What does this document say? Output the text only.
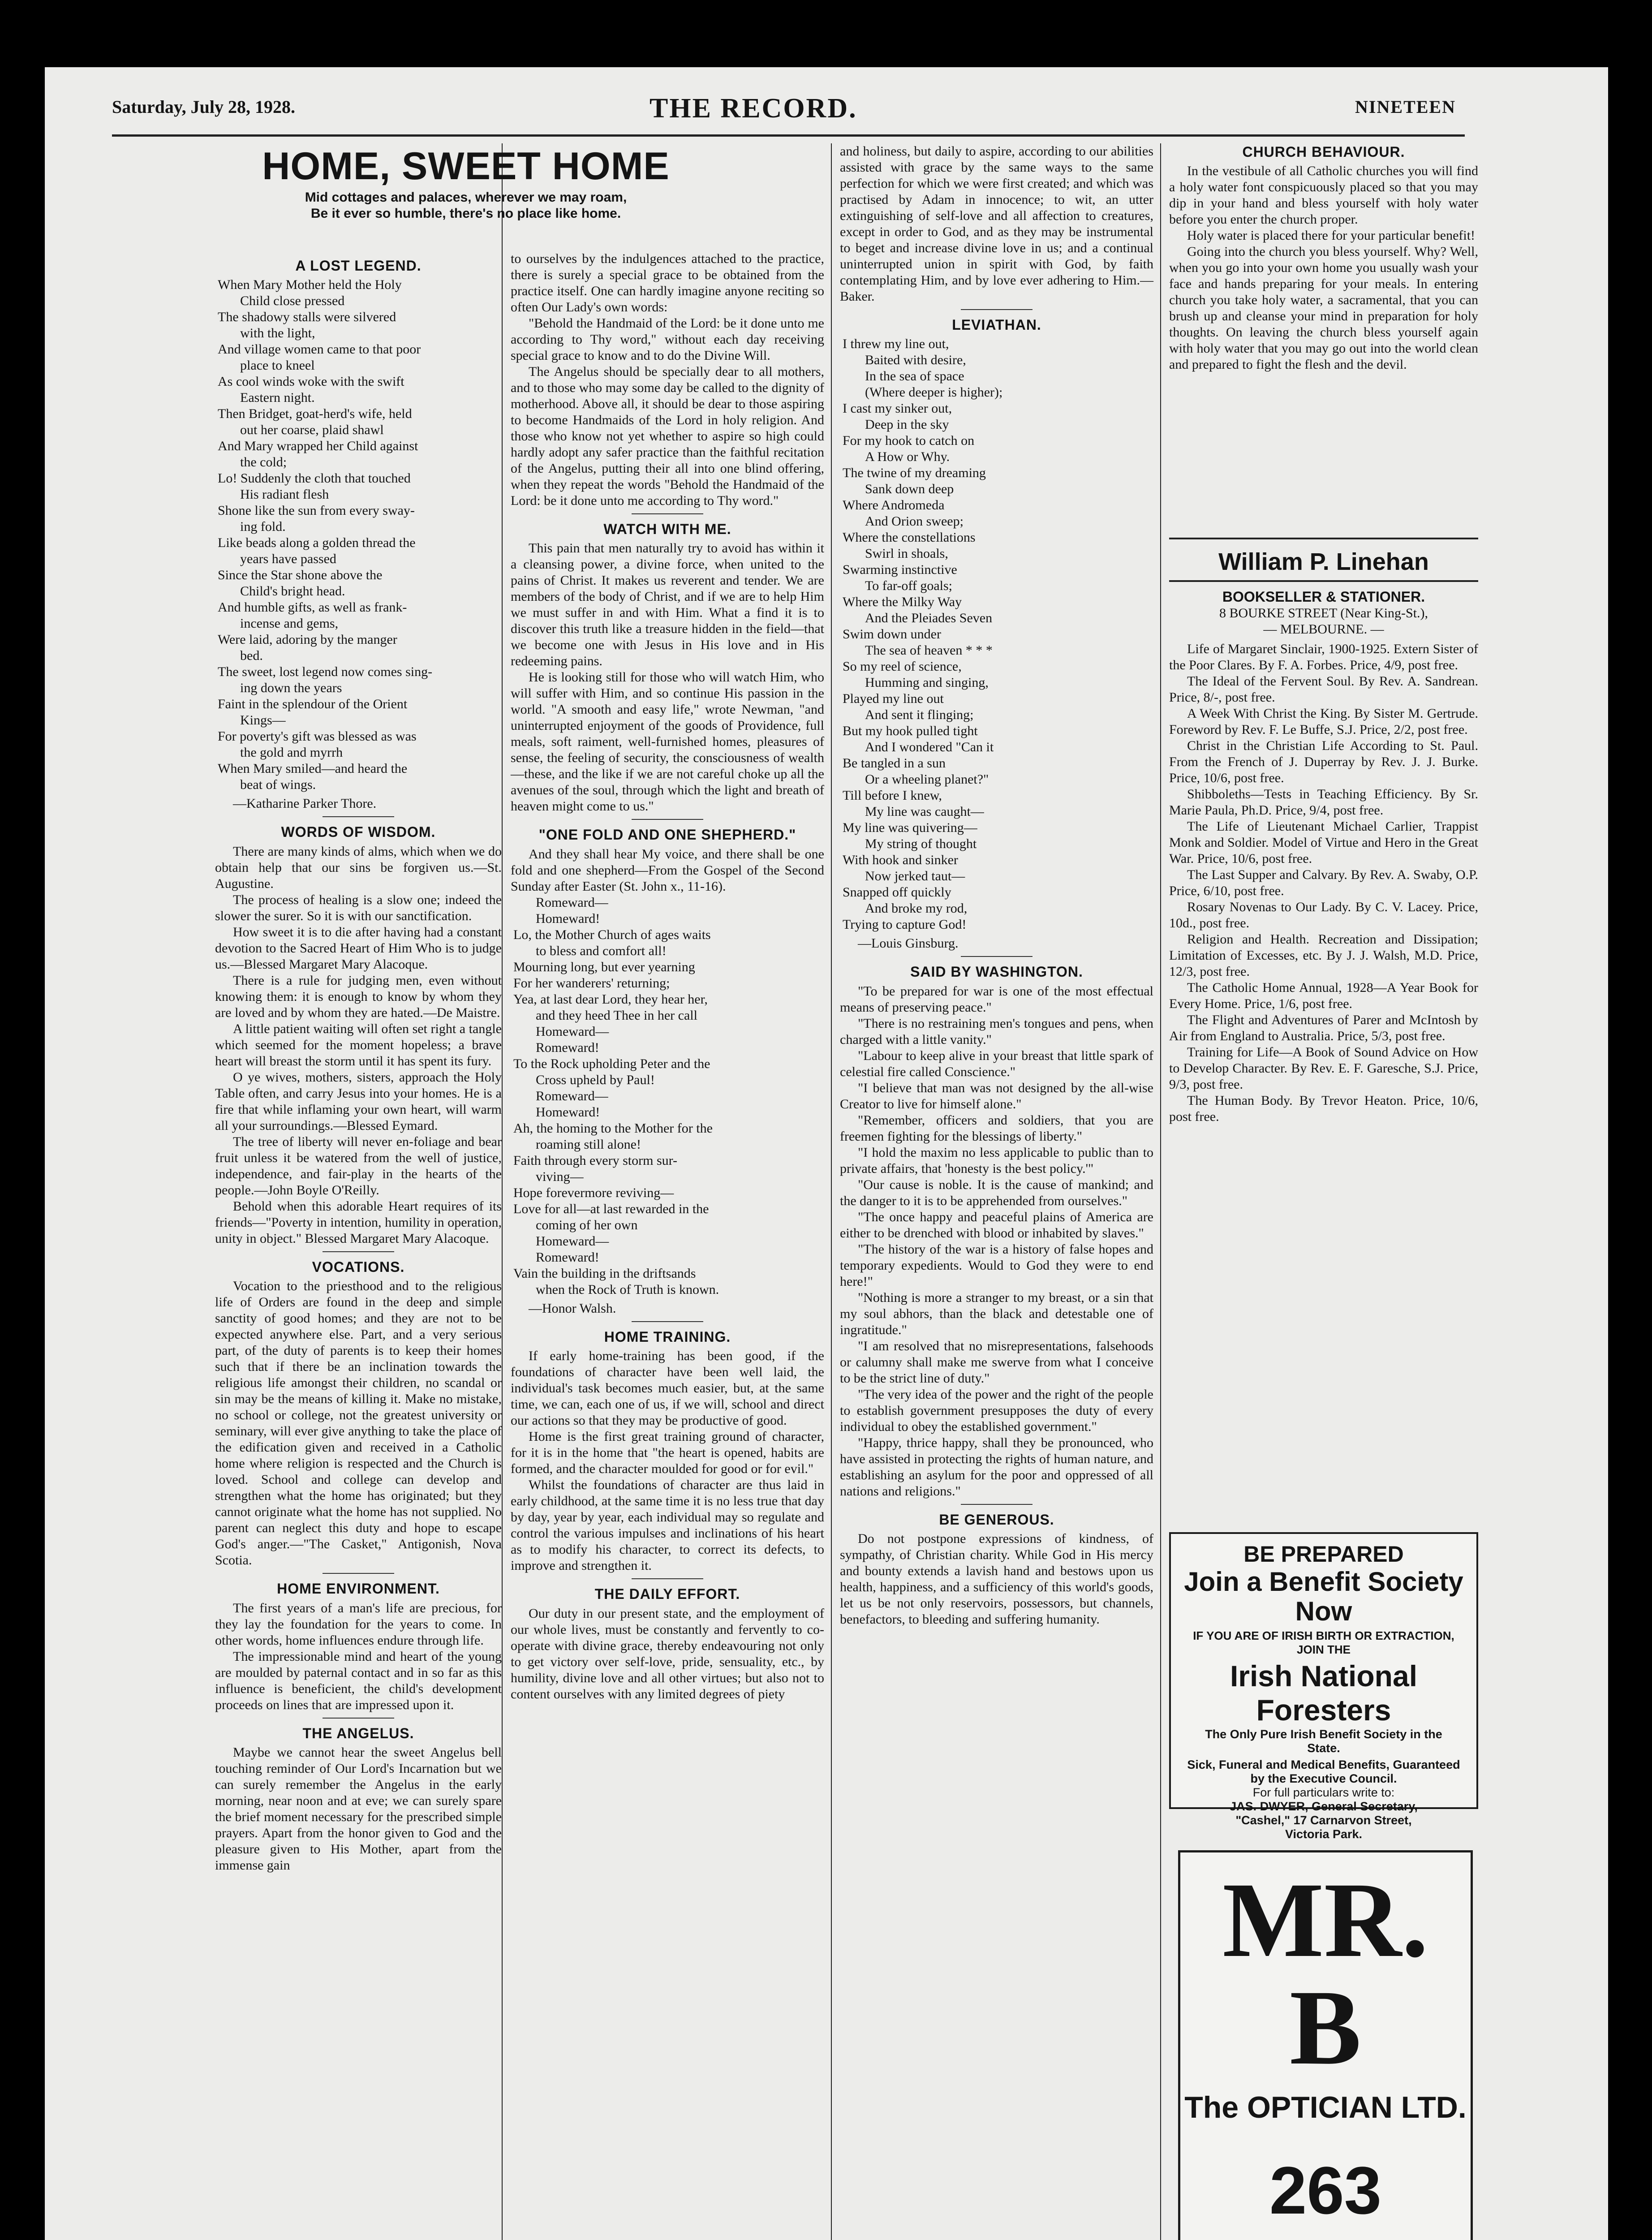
Saturday, July 28, 1928.	THE RECORD.	NINETEEN
HOME, SWEET HOME
Mid cottages and palaces, wherever we may roam,
Be it ever so humble, there's no place like home.
A LOST LEGEND.
When Mary Mother held the Holy
Child close pressed
The shadowy stalls were silvered
with the light,
And village women came to that poor
place to kneel
As cool winds woke with the swift
Eastern night.
Then Bridget, goat-herd's wife, held
out her coarse, plaid shawl
And Mary wrapped her Child against
the cold;
Lo! Suddenly the cloth that touched
His radiant flesh
Shone like the sun from every sway-
ing fold.
Like beads along a golden thread the
years have passed
Since the Star shone above the
Child's bright head.
And humble gifts, as well as frank-
incense and gems,
Were laid, adoring by the manger
bed.
The sweet, lost legend now comes sing-
ing down the years
Faint in the splendour of the Orient
Kings—
For poverty's gift was blessed as was
the gold and myrrh
When Mary smiled—and heard the
beat of wings.

—Katharine Parker Thore.

WORDS OF WISDOM.

There are many kinds of alms, which when we do obtain help that our sins be forgiven us.—St. Augustine.

The process of healing is a slow one; indeed the slower the surer. So it is with our sanctification.

How sweet it is to die after having had a constant devotion to the Sacred Heart of Him Who is to judge us.—Blessed Margaret Mary Alacoque.

There is a rule for judging men, even without knowing them: it is enough to know by whom they are loved and by whom they are hated.—De Maistre.

A little patient waiting will often set right a tangle which seemed for the moment hopeless; a brave heart will breast the storm until it has spent its fury.

O ye wives, mothers, sisters, approach the Holy Table often, and carry Jesus into your homes. He is a fire that while inflaming your own heart, will warm all your surroundings.—Blessed Eymard.

The tree of liberty will never en-foliage and bear fruit unless it be watered from the well of justice, independence, and fair-play in the hearts of the people.—John Boyle O'Reilly.

Behold when this adorable Heart requires of its friends—"Poverty in intention, humility in operation, unity in object." Blessed Margaret Mary Alacoque.

VOCATIONS.

Vocation to the priesthood and to the religious life of Orders are found in the deep and simple sanctity of good homes; and they are not to be expected anywhere else. Part, and a very serious part, of the duty of parents is to keep their homes such that if there be an inclination towards the religious life amongst their children, no scandal or sin may be the means of killing it. Make no mistake, no school or college, not the greatest university or seminary, will ever give anything to take the place of the edification given and received in a Catholic home where religion is respected and the Church is loved. School and college can develop and strengthen what the home has originated; but they cannot originate what the home has not supplied. No parent can neglect this duty and hope to escape God's anger.—"The Casket," Antigonish, Nova Scotia.

HOME ENVIRONMENT.

The first years of a man's life are precious, for they lay the foundation for the years to come. In other words, home influences endure through life.

The impressionable mind and heart of the young are moulded by paternal contact and in so far as this influence is beneficient, the child's development proceeds on lines that are impressed upon it.

THE ANGELUS.

Maybe we cannot hear the sweet Angelus bell touching reminder of Our Lord's Incarnation but we can surely remember the Angelus in the early morning, near noon and at eve; we can surely spare the brief moment necessary for the prescribed simple prayers. Apart from the honor given to God and the pleasure given to His Mother, apart from the immense gain

to ourselves by the indulgences attached to the practice, there is surely a special grace to be obtained from the practice itself. One can hardly imagine anyone reciting so often Our Lady's own words:

"Behold the Handmaid of the Lord: be it done unto me according to Thy word," without each day receiving special grace to know and to do the Divine Will.

The Angelus should be specially dear to all mothers, and to those who may some day be called to the dignity of motherhood. Above all, it should be dear to those aspiring to become Handmaids of the Lord in holy religion. And those who know not yet whether to aspire so high could hardly adopt any safer practice than the faithful recitation of the Angelus, putting their all into one blind offering, when they repeat the words "Behold the Handmaid of the Lord: be it done unto me according to Thy word."

WATCH WITH ME.

This pain that men naturally try to avoid has within it a cleansing power, a divine force, when united to the pains of Christ. It makes us reverent and tender. We are members of the body of Christ, and if we are to help Him we must suffer in and with Him. What a find it is to discover this truth like a treasure hidden in the field—that we become one with Jesus in His love and in His redeeming pains.

He is looking still for those who will watch Him, who will suffer with Him, and so continue His passion in the world. "A smooth and easy life," wrote Newman, "and uninterrupted enjoyment of the goods of Providence, full meals, soft raiment, well-furnished homes, pleasures of sense, the feeling of security, the consciousness of wealth—these, and the like if we are not careful choke up all the avenues of the soul, through which the light and breath of heaven might come to us."

"ONE FOLD AND ONE SHEPHERD."

And they shall hear My voice, and there shall be one fold and one shepherd—From the Gospel of the Second Sunday after Easter (St. John x., 11-16).

Romeward—
Homeward!
Lo, the Mother Church of ages waits
to bless and comfort all!
Mourning long, but ever yearning
For her wanderers' returning;
Yea, at last dear Lord, they hear her,
and they heed Thee in her call
Homeward—
Romeward!
To the Rock upholding Peter and the
Cross upheld by Paul!
Romeward—
Homeward!
Ah, the homing to the Mother for the
roaming still alone!
Faith through every storm sur-
viving—
Hope forevermore reviving—
Love for all—at last rewarded in the
coming of her own
Homeward—
Romeward!
Vain the building in the driftsands
when the Rock of Truth is known.

—Honor Walsh.

HOME TRAINING.

If early home-training has been good, if the foundations of character have been well laid, the individual's task becomes much easier, but, at the same time, we can, each one of us, if we will, school and direct our actions so that they may be productive of good.

Home is the first great training ground of character, for it is in the home that "the heart is opened, habits are formed, and the character moulded for good or for evil."

Whilst the foundations of character are thus laid in early childhood, at the same time it is no less true that day by day, year by year, each individual may so regulate and control the various impulses and inclinations of his heart as to modify his character, to correct its defects, to improve and strengthen it.

THE DAILY EFFORT.

Our duty in our present state, and the employment of our whole lives, must be constantly and fervently to co-operate with divine grace, thereby endeavouring not only to get victory over self-love, pride, sensuality, etc., by humility, divine love and all other virtues; but also not to content ourselves with any limited degrees of piety

and holiness, but daily to aspire, according to our abilities assisted with grace by the same ways to the same perfection for which we were first created; and which was practised by Adam in innocence; to wit, an utter extinguishing of self-love and all affection to creatures, except in order to God, and as they may be instrumental to beget and increase divine love in us; and a continual uninterrupted union in spirit with God, by faith contemplating Him, and by love ever adhering to Him.—Baker.

LEVIATHAN.
I threw my line out,
Baited with desire,
In the sea of space
(Where deeper is higher);
I cast my sinker out,
Deep in the sky
For my hook to catch on
A How or Why.
The twine of my dreaming
Sank down deep
Where Andromeda
And Orion sweep;
Where the constellations
Swirl in shoals,
Swarming instinctive
To far-off goals;
Where the Milky Way
And the Pleiades Seven
Swim down under
The sea of heaven * * *
So my reel of science,
Humming and singing,
Played my line out
And sent it flinging;
But my hook pulled tight
And I wondered "Can it
Be tangled in a sun
Or a wheeling planet?"
Till before I knew,
My line was caught—
My line was quivering—
My string of thought
With hook and sinker
Now jerked taut—
Snapped off quickly
And broke my rod,
Trying to capture God!

—Louis Ginsburg.

SAID BY WASHINGTON.

"To be prepared for war is one of the most effectual means of preserving peace."

"There is no restraining men's tongues and pens, when charged with a little vanity."

"Labour to keep alive in your breast that little spark of celestial fire called Conscience."

"I believe that man was not designed by the all-wise Creator to live for himself alone."

"Remember, officers and soldiers, that you are freemen fighting for the blessings of liberty."

"I hold the maxim no less applicable to public than to private affairs, that 'honesty is the best policy.'"

"Our cause is noble. It is the cause of mankind; and the danger to it is to be apprehended from ourselves."

"The once happy and peaceful plains of America are either to be drenched with blood or inhabited by slaves."

"The history of the war is a history of false hopes and temporary expedients. Would to God they were to end here!"

"Nothing is more a stranger to my breast, or a sin that my soul abhors, than the black and detestable one of ingratitude."

"I am resolved that no misrepresentations, falsehoods or calumny shall make me swerve from what I conceive to be the strict line of duty."

"The very idea of the power and the right of the people to establish government presupposes the duty of every individual to obey the established government."

"Happy, thrice happy, shall they be pronounced, who have assisted in protecting the rights of human nature, and establishing an asylum for the poor and oppressed of all nations and religions."

BE GENEROUS.

Do not postpone expressions of kindness, of sympathy, of Christian charity. While God in His mercy and bounty extends a lavish hand and bestows upon us health, happiness, and a sufficiency of this world's goods, let us be not only reservoirs, possessors, but channels, benefactors, to bleeding and suffering humanity.

CHURCH BEHAVIOUR.

In the vestibule of all Catholic churches you will find a holy water font conspicuously placed so that you may dip in your hand and bless yourself with holy water before you enter the church proper.

Holy water is placed there for your particular benefit!

Going into the church you bless yourself. Why? Well, when you go into your own home you usually wash your face and hands preparing for your meals. In entering church you take holy water, a sacramental, that you can brush up and cleanse your mind in preparation for holy thoughts. On leaving the church bless yourself again with holy water that you may go out into the world clean and prepared to fight the flesh and the devil.

William P. Linehan
BOOKSELLER & STATIONER.
8 BOURKE STREET (Near King-St.),
— MELBOURNE. —

Life of Margaret Sinclair, 1900-1925. Extern Sister of the Poor Clares. By F. A. Forbes. Price, 4/9, post free.

The Ideal of the Fervent Soul. By Rev. A. Sandrean. Price, 8/-, post free.

A Week With Christ the King. By Sister M. Gertrude. Foreword by Rev. F. Le Buffe, S.J. Price, 2/2, post free.

Christ in the Christian Life According to St. Paul. From the French of J. Duperray by Rev. J. J. Burke. Price, 10/6, post free.

Shibboleths—Tests in Teaching Efficiency. By Sr. Marie Paula, Ph.D. Price, 9/4, post free.

The Life of Lieutenant Michael Carlier, Trappist Monk and Soldier. Model of Virtue and Hero in the Great War. Price, 10/6, post free.

The Last Supper and Calvary. By Rev. A. Swaby, O.P. Price, 6/10, post free.

Rosary Novenas to Our Lady. By C. V. Lacey. Price, 10d., post free.

Religion and Health. Recreation and Dissipation; Limitation of Excesses, etc. By J. J. Walsh, M.D. Price, 12/3, post free.

The Catholic Home Annual, 1928—A Year Book for Every Home. Price, 1/6, post free.

The Flight and Adventures of Parer and McIntosh by Air from England to Australia. Price, 5/3, post free.

Training for Life—A Book of Sound Advice on How to Develop Character. By Rev. E. F. Garesche, S.J. Price, 9/3, post free.

The Human Body. By Trevor Heaton. Price, 10/6, post free.

BE PREPARED
Join a Benefit Society Now
IF YOU ARE OF IRISH BIRTH OR EXTRACTION, JOIN THE
Irish National Foresters
The Only Pure Irish Benefit Society in the State.
Sick, Funeral and Medical Benefits, Guaranteed by the Executive Council.
For full particulars write to:
JAS. DWYER, General Secretary,
"Cashel," 17 Carnarvon Street,
Victoria Park.
MR. B
The OPTICIAN LTD.
263
